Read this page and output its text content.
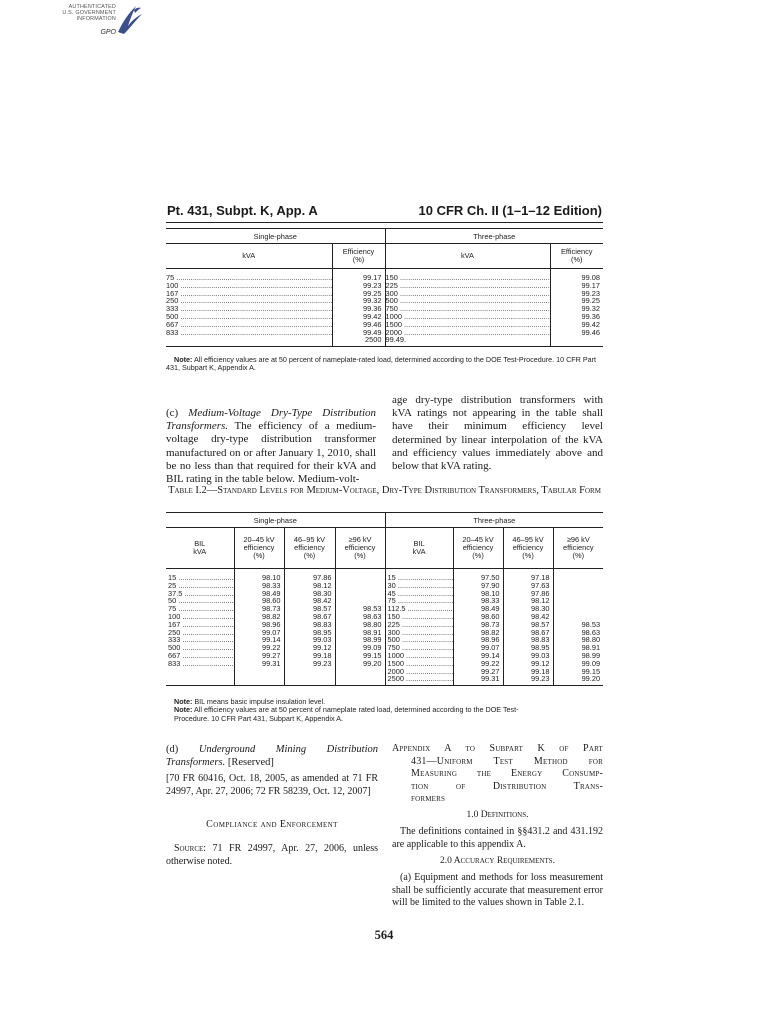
AUTHENTICATED
U.S. GOVERNMENT
INFORMATION
GPO
Pt. 431, Subpt. K, App. A	10 CFR Ch. II (1–1–12 Edition)
Single-phase		Three-phase	
kVA	Efficiency
(%)	kVA	Efficiency
(%)
75 .....	99.17	150 .....	99.08
100 .....	99.23	225 .....	99.17
167 .....	99.25	300 .....	99.23
250 .....	99.32	500 .....	99.25
333 .....	99.36	750 .....	99.32
500 .....	99.42	1000 .....	99.36
667 .....	99.46	1500 .....	99.42
833 .....	99.49	2000 .....	99.46
	2500	99.49.	
Note: All efficiency values are at 50 percent of nameplate-rated load, determined according to the DOE Test-Procedure. 10 CFR Part 431, Subpart K, Appendix A.
(c) Medium-Voltage Dry-Type Distribution Transformers. The efficiency of a medium-voltage dry-type distribution transformer manufactured on or after January 1, 2010, shall be no less than that required for their kVA and BIL rating in the table below. Medium-volt-
age dry-type distribution transformers with kVA ratings not appearing in the table shall have their minimum efficiency level determined by linear interpolation of the kVA and efficiency values immediately above and below that kVA rating.
Table I.2—Standard Levels for Medium-Voltage, Dry-Type Distribution Transformers, Tabular Form
Single-phase				Three-phase			
BIL
kVA	20–45 kV
efficiency
(%)	46–95 kV
efficiency
(%)	≥96 kV
efficiency
(%)	BIL
kVA	20–45 kV
efficiency
(%)	46–95 kV
efficiency
(%)	≥96 kV
efficiency
(%)
15 .....	98.10	97.86		15 .....	97.50	97.18	
25 .....	98.33	98.12		30 .....	97.90	97.63	
37.5 .....	98.49	98.30		45 .....	98.10	97.86	
50 .....	98.60	98.42		75 .....	98.33	98.12	
75 .....	98.73	98.57	98.53	112.5 .....	98.49	98.30	
100 .....	98.82	98.67	98.63	150 .....	98.60	98.42	
167 .....	98.96	98.83	98.80	225 .....	98.73	98.57	98.53
250 .....	99.07	98.95	98.91	300 .....	98.82	98.67	98.63
333 .....	99.14	99.03	98.99	500 .....	98.96	98.83	98.80
500 .....	99.22	99.12	99.09	750 .....	99.07	98.95	98.91
667 .....	99.27	99.18	99.15	1000 .....	99.14	99.03	98.99
833 .....	99.31	99.23	99.20	1500 .....	99.22	99.12	99.09
				2000 .....	99.27	99.18	99.15
				2500 .....	99.31	99.23	99.20
Note: BIL means basic impulse insulation level.
Note: All efficiency values are at 50 percent of nameplate rated load, determined according to the DOE Test-
Procedure. 10 CFR Part 431, Subpart K, Appendix A.
(d) Underground Mining Distribution Transformers. [Reserved]
[70 FR 60416, Oct. 18, 2005, as amended at 71 FR 24997, Apr. 27, 2006; 72 FR 58239, Oct. 12, 2007]
Compliance and Enforcement
Source: 71 FR 24997, Apr. 27, 2006, unless otherwise noted.
Appendix A to Subpart K of Part
431—Uniform Test Method for
Measuring the Energy Consump-
tion of Distribution Trans-
formers
1.0 Definitions.
The definitions contained in §§431.2 and 431.192 are applicable to this appendix A.
2.0 Accuracy Requirements.
(a) Equipment and methods for loss measurement shall be sufficiently accurate that measurement error will be limited to the values shown in Table 2.1.
564
